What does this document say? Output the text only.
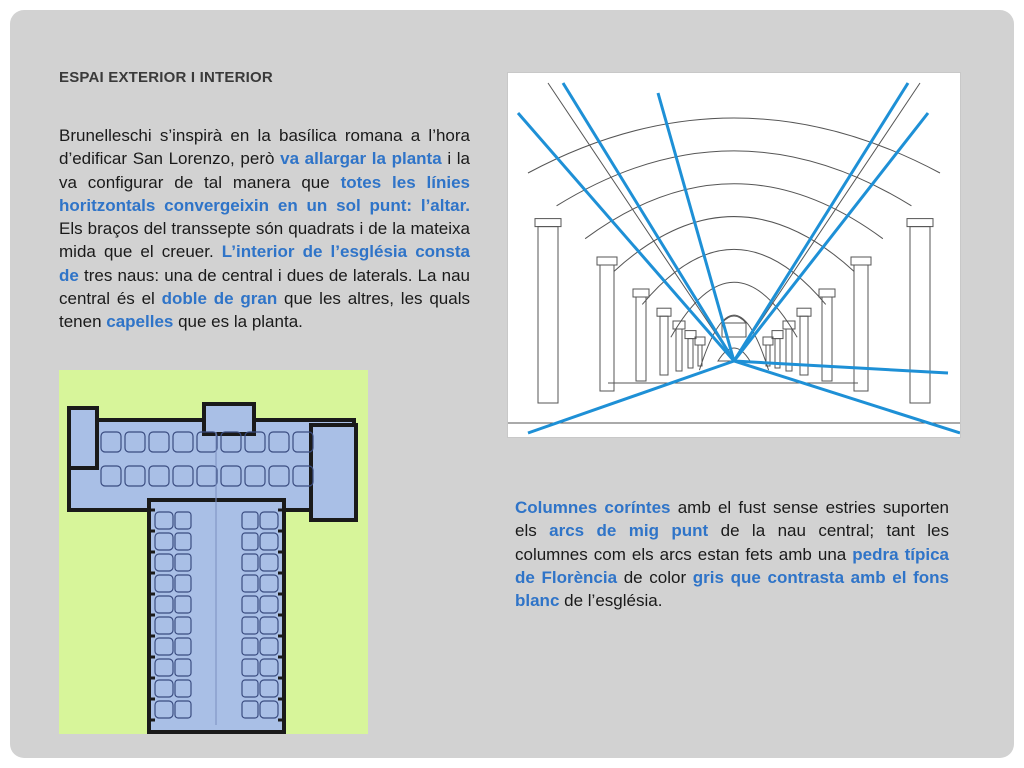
ESPAI EXTERIOR I INTERIOR
Brunelleschi s’inspirà en la basílica romana a l’hora d’edificar San Lorenzo, però va allargar la planta i la va configurar de tal manera que totes les línies horitzontals convergeixin en un sol punt: l’altar. Els braços del transsepte són quadrats i de la mateixa mida que el creuer. L’interior de l’església consta de tres naus: una de central i dues de laterals. La nau central és el doble de gran que les altres, les quals tenen capelles que es la planta.
Columnes coríntes amb el fust sense estries suporten els arcs de mig punt de la nau central; tant les columnes com els arcs estan fets amb una pedra típica de Florència de color gris que contrasta amb el fons blanc de l’església.
